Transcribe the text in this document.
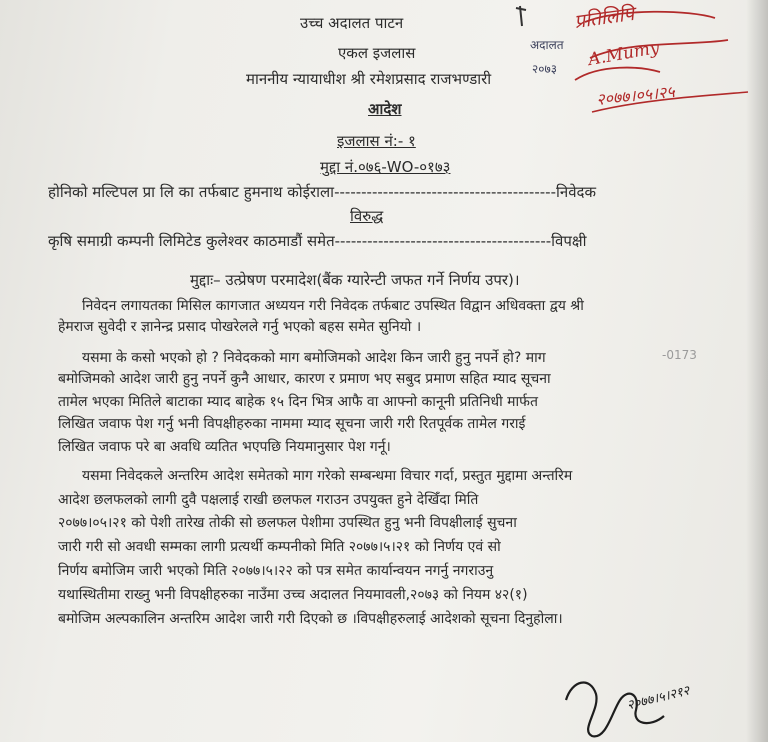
उच्च अदालत पाटन
एकल इजलास
माननीय न्यायाधीश श्री रमेशप्रसाद राजभण्डारी
आदेश
इजलास नं:- १
मुद्दा नं.०७६-WO-०१७३
होनिको मल्टिपल प्रा लि का तर्फबाट हुमनाथ कोईराला-----------------------------------------निवेदक
विरुद्ध
कृषि समाग्री कम्पनी लिमिटेड कुलेश्वर काठमाडौं समेत----------------------------------------विपक्षी
मुद्दाः– उत्प्रेषण परमादेश(बैंक ग्यारेन्टी जफत गर्ने निर्णय उपर)।
निवेदन लगायतका मिसिल कागजात अध्ययन गरी निवेदक तर्फबाट उपस्थित विद्वान अधिवक्ता द्वय श्री
हेमराज सुवेदी र ज्ञानेन्द्र प्रसाद पोखरेलले गर्नु भएको बहस समेत सुनियो ।
यसमा के कसो भएको हो ? निवेदकको माग बमोजिमको आदेश किन जारी हुनु नपर्ने हो? माग
बमोजिमको आदेश जारी हुनु नपर्ने कुनै आधार, कारण र प्रमाण भए सबुद प्रमाण सहित म्याद सूचना
तामेल भएका मितिले बाटाका म्याद बाहेक १५ दिन भित्र आफै वा आफ्नो कानूनी प्रतिनिधी मार्फत
लिखित जवाफ पेश गर्नु भनी विपक्षीहरुका नाममा म्याद सूचना जारी गरी रितपूर्वक तामेल गराई
लिखित जवाफ परे बा अवधि व्यतित भएपछि नियमानुसार पेश गर्नू।
यसमा निवेदकले अन्तरिम आदेश समेतको माग गरेको सम्बन्धमा विचार गर्दा, प्रस्तुत मुद्दामा अन्तरिम
आदेश छलफलको लागी दुवै पक्षलाई राखी छलफल गराउन उपयुक्त हुने देखिँदा मिति
२०७७।०५।२१ को पेशी तारेख तोकी सो छलफल पेशीमा उपस्थित हुनु भनी विपक्षीलाई सुचना
जारी गरी सो अवधी सम्मका लागी प्रत्यर्थी कम्पनीको मिति २०७७।५।२१ को निर्णय एवं सो
निर्णय बमोजिम जारी भएको मिति २०७७।५।२२ को पत्र समेत कार्यान्वयन नगर्नु नगराउनु
यथास्थितीमा राख्नु भनी विपक्षीहरुका नाउँमा उच्च अदालत नियमावली,२०७३ को नियम ४२(१)
बमोजिम अल्पकालिन अन्तरिम आदेश जारी गरी दिएको छ ।विपक्षीहरुलाई आदेशको सूचना दिनुहोला।
-0173
प्रतिलिपि
A.Mumy
२०७७।०५।२५
अदालत
२०७३
२०७७।५।२१२
